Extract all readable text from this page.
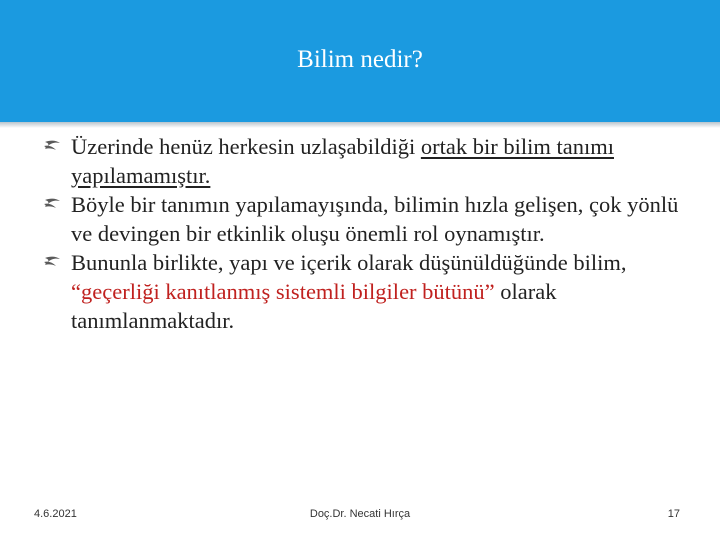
Bilim nedir?

Üzerinde henüz herkesin uzlaşabildiği ortak bir bilim tanımı yapılamamıştır.

Böyle bir tanımın yapılamayışında, bilimin hızla gelişen, çok yönlü ve devingen bir etkinlik oluşu önemli rol oynamıştır.

Bununla birlikte, yapı ve içerik olarak düşünüldüğünde bilim, “geçerliği kanıtlanmış sistemli bilgiler bütünü” olarak tanımlanmaktadır.

4.6.2021	Doç.Dr. Necati Hırça	17
